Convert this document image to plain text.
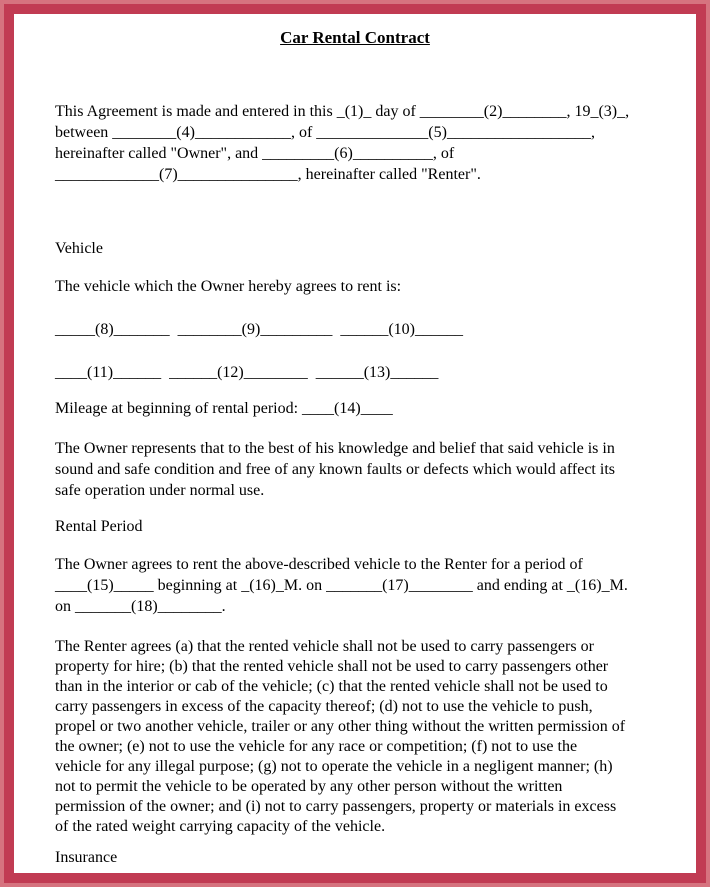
Car Rental Contract
This Agreement is made and entered in this _(1)_ day of ________(2)________, 19_(3)_,
between ________(4)____________, of ______________(5)__________________,
hereinafter called "Owner", and _________(6)__________, of
_____________(7)_______________, hereinafter called "Renter".
Vehicle
The vehicle which the Owner hereby agrees to rent is:
_____(8)_______  ________(9)_________  ______(10)______
____(11)______  ______(12)________  ______(13)______
Mileage at beginning of rental period: ____(14)____
The Owner represents that to the best of his knowledge and belief that said vehicle is in
sound and safe condition and free of any known faults or defects which would affect its
safe operation under normal use.
Rental Period
The Owner agrees to rent the above-described vehicle to the Renter for a period of
____(15)_____ beginning at _(16)_M. on _______(17)________ and ending at _(16)_M.
on _______(18)________.
The Renter agrees (a) that the rented vehicle shall not be used to carry passengers or
property for hire; (b) that the rented vehicle shall not be used to carry passengers other
than in the interior or cab of the vehicle; (c) that the rented vehicle shall not be used to
carry passengers in excess of the capacity thereof; (d) not to use the vehicle to push,
propel or two another vehicle, trailer or any other thing without the written permission of
the owner; (e) not to use the vehicle for any race or competition; (f) not to use the
vehicle for any illegal purpose; (g) not to operate the vehicle in a negligent manner; (h)
not to permit the vehicle to be operated by any other person without the written
permission of the owner; and (i) not to carry passengers, property or materials in excess
of the rated weight carrying capacity of the vehicle.
Insurance
